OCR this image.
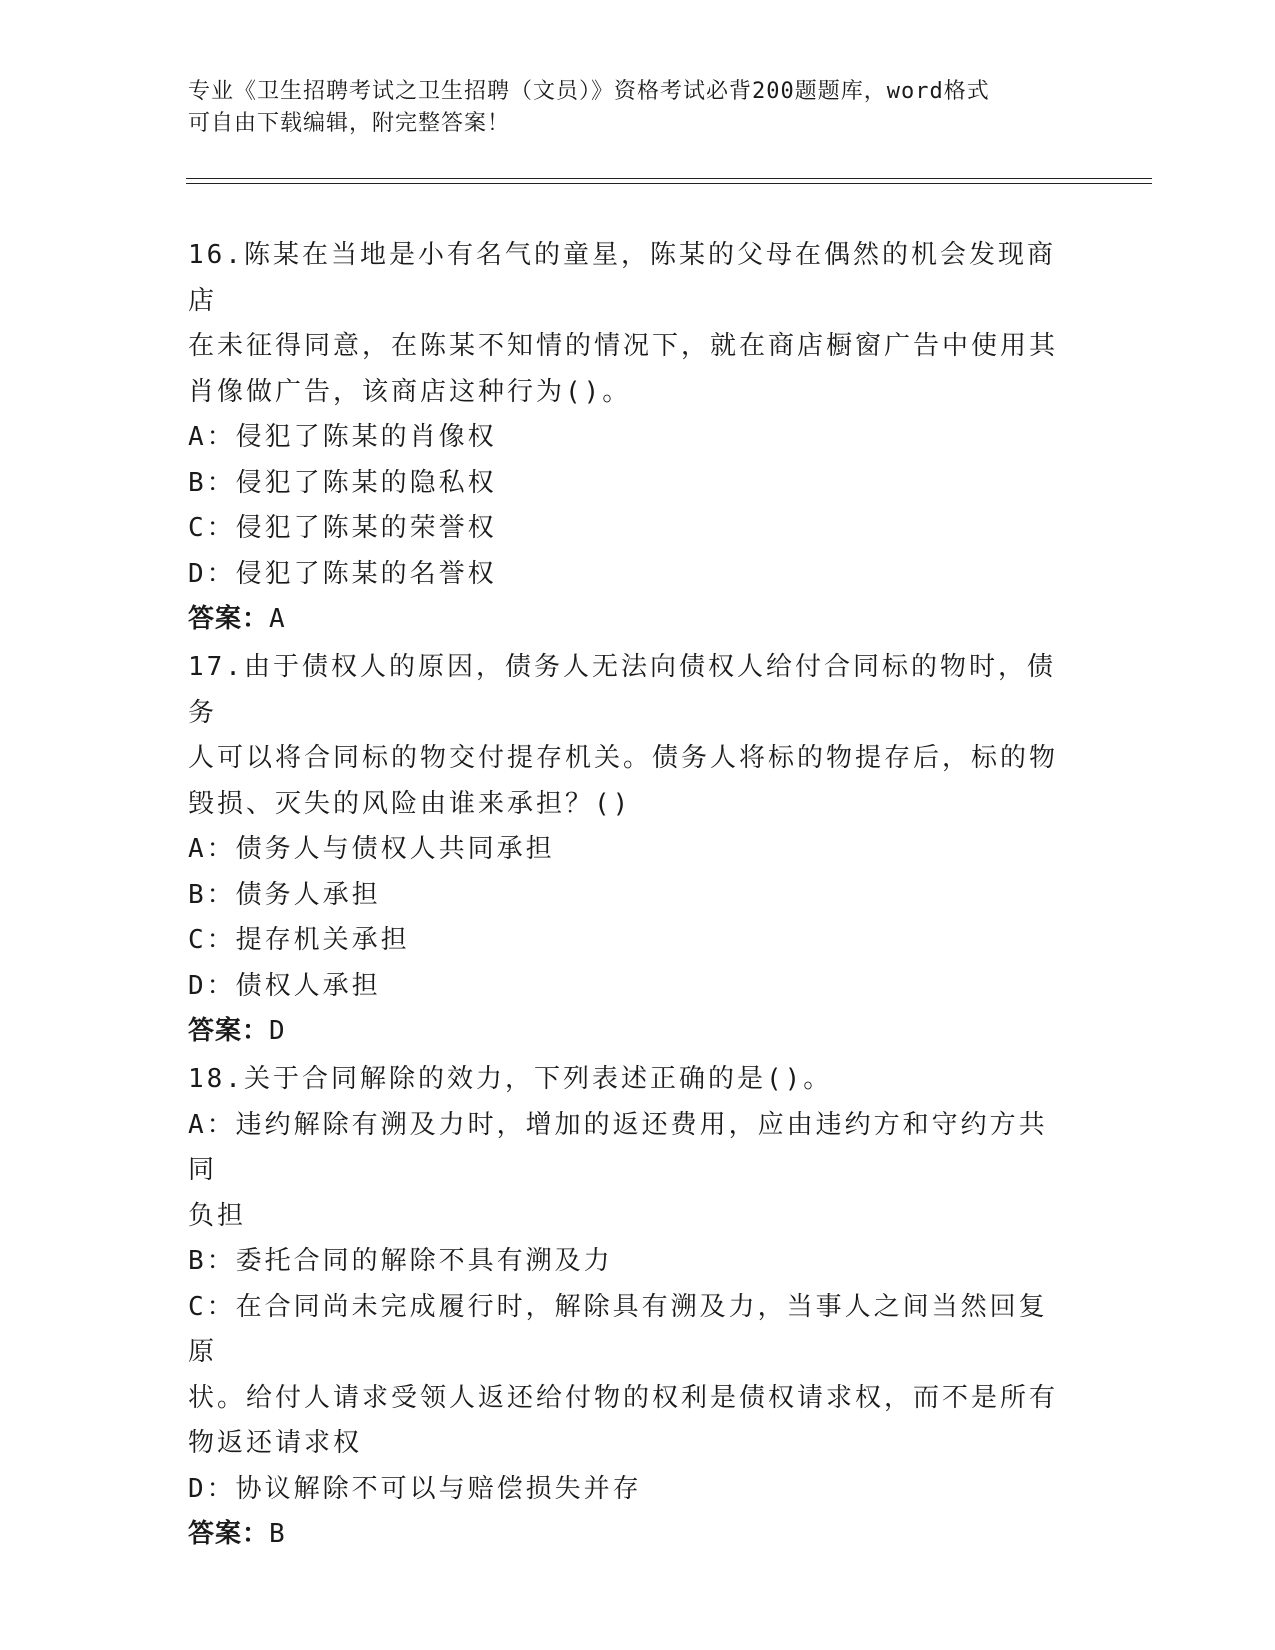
专业《卫生招聘考试之卫生招聘（文员）》资格考试必背200题题库，word格式
可自由下载编辑，附完整答案！
16.陈某在当地是小有名气的童星，陈某的父母在偶然的机会发现商店
在未征得同意，在陈某不知情的情况下，就在商店橱窗广告中使用其
肖像做广告，该商店这种行为()。
A：侵犯了陈某的肖像权
B：侵犯了陈某的隐私权
C：侵犯了陈某的荣誉权
D：侵犯了陈某的名誉权
答案：A
17.由于债权人的原因，债务人无法向债权人给付合同标的物时，债务
人可以将合同标的物交付提存机关。债务人将标的物提存后，标的物
毁损、灭失的风险由谁来承担？()
A：债务人与债权人共同承担
B：债务人承担
C：提存机关承担
D：债权人承担
答案：D
18.关于合同解除的效力，下列表述正确的是()。
A：违约解除有溯及力时，增加的返还费用，应由违约方和守约方共同
负担
B：委托合同的解除不具有溯及力
C：在合同尚未完成履行时，解除具有溯及力，当事人之间当然回复原
状。给付人请求受领人返还给付物的权利是债权请求权，而不是所有
物返还请求权
D：协议解除不可以与赔偿损失并存
答案：B
